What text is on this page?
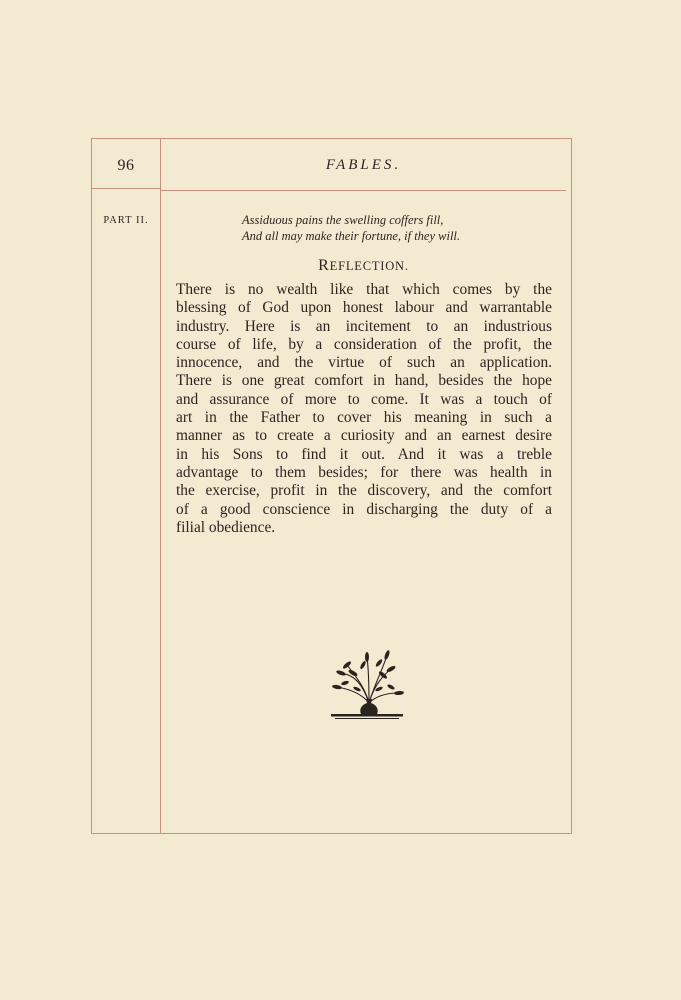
96	FABLES.
PART II.	Assiduous pains the swelling coffers fill,
And all may make their fortune, if they will.
REFLECTION.
There is no wealth like that which comes by the
blessing of God upon honest labour and warrantable
industry. Here is an incitement to an industrious
course of life, by a consideration of the profit, the
innocence, and the virtue of such an application.
There is one great comfort in hand, besides the hope
and assurance of more to come. It was a touch of
art in the Father to cover his meaning in such a
manner as to create a curiosity and an earnest desire
in his Sons to find it out. And it was a treble
advantage to them besides; for there was health in
the exercise, profit in the discovery, and the comfort
of a good conscience in discharging the duty of a
filial obedience.
